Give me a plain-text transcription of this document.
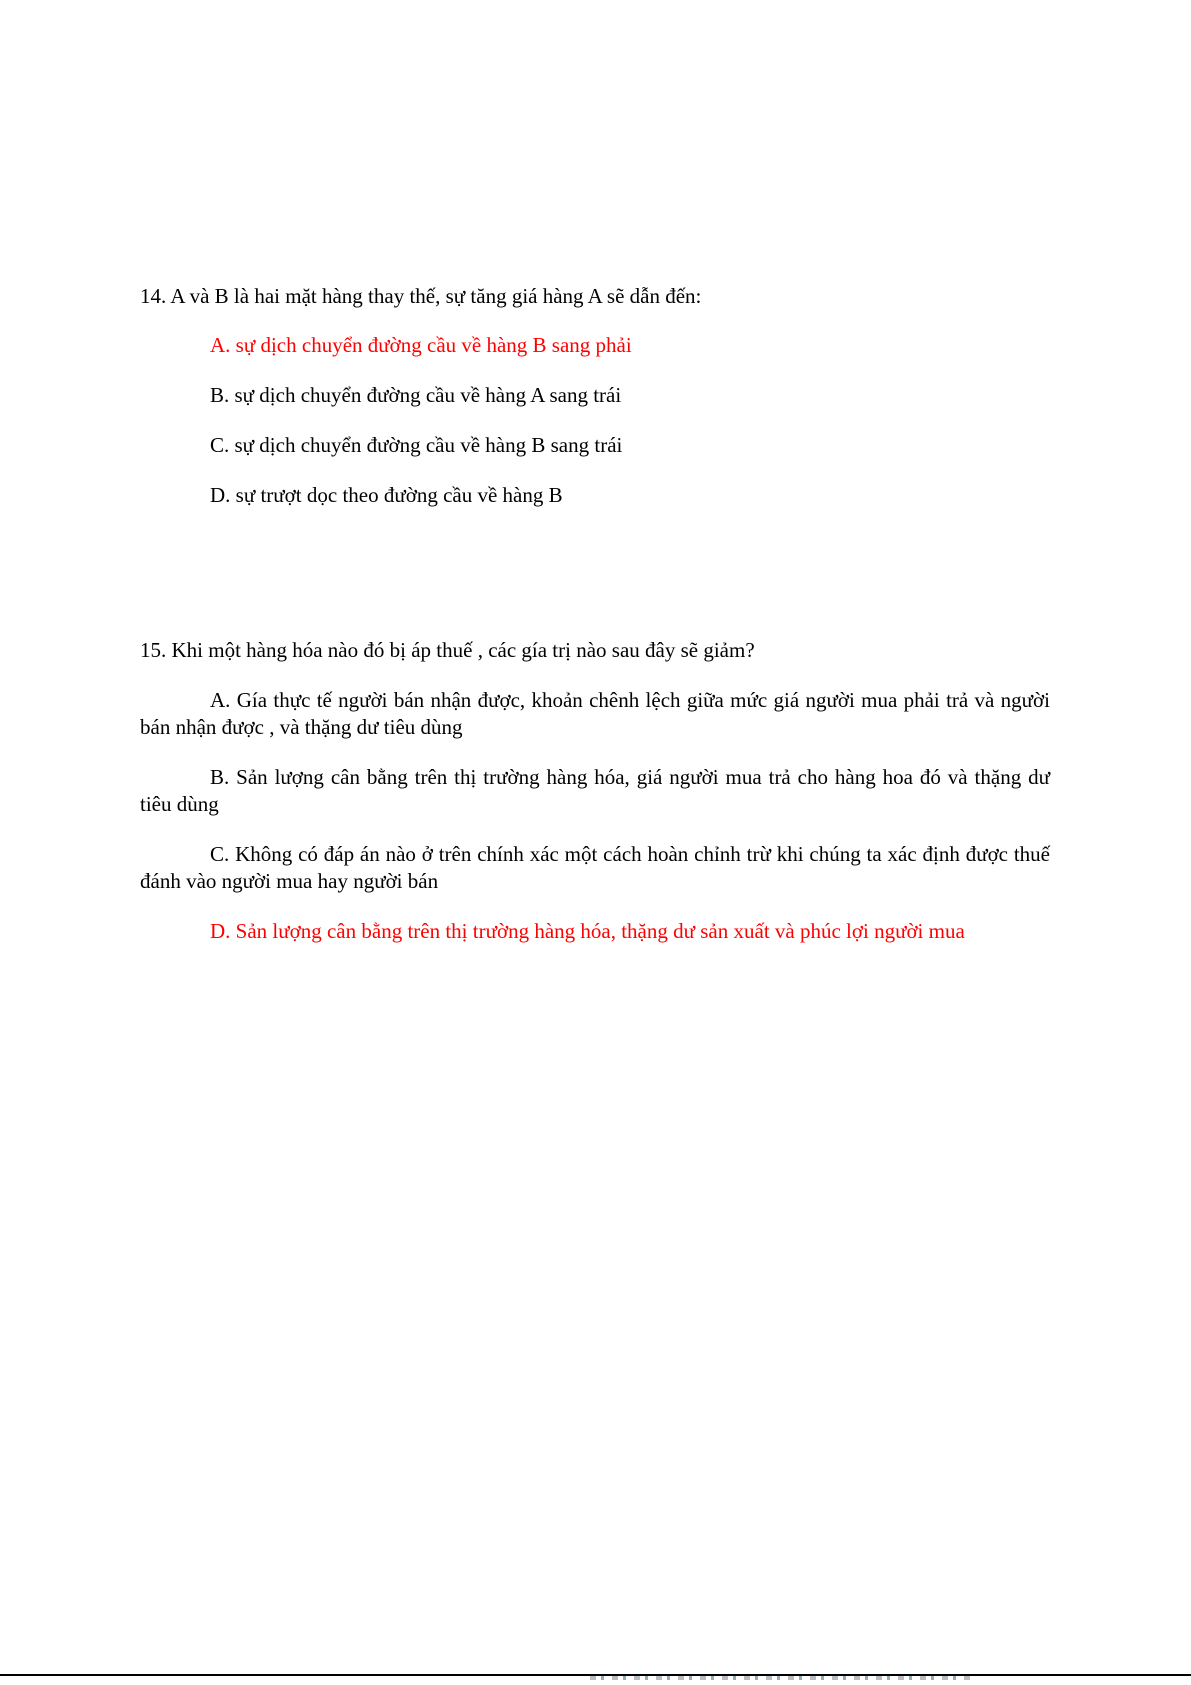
14. A và B là hai mặt hàng thay thế, sự tăng giá hàng A sẽ dẫn đến:

A. sự dịch chuyển đường cầu về hàng B sang phải
B. sự dịch chuyển đường cầu về hàng A sang trái
C. sự dịch chuyển đường cầu về hàng B sang trái
D. sự trượt dọc theo đường cầu về hàng B

15. Khi một hàng hóa nào đó bị áp thuế , các gía trị nào sau đây sẽ giảm?

A. Gía thực tế người bán nhận được, khoản chênh lệch giữa mức giá người mua phải trả và người bán nhận được , và thặng dư tiêu dùng
B. Sản lượng cân bằng trên thị trường hàng hóa, giá người mua trả cho hàng hoa đó và thặng dư tiêu dùng
C. Không có đáp án nào ở trên chính xác một cách hoàn chỉnh trừ khi chúng ta xác định được thuế đánh vào người mua hay người bán
D. Sản lượng cân bằng trên thị trường hàng hóa, thặng dư sản xuất và phúc lợi người mua
